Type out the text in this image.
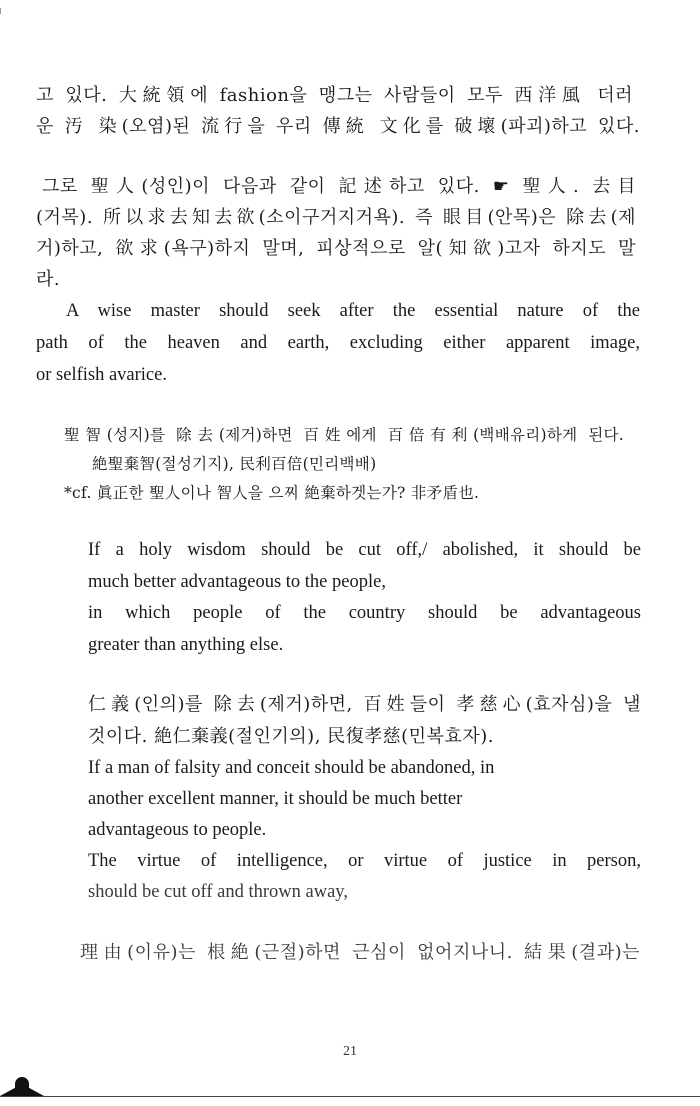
고 있다. 大統領에 fashion을 맹그는 사람들이 모두 西洋風 더러
운 汚 染(오염)된 流行을 우리 傳統 文化를 破壞(파괴)하고 있다.
그로 聖人(성인)이 다음과 같이 記述하고 있다. ☛ 聖人. 去目
(거목). 所以求去知去欲(소이구거지거욕). 즉 眼目(안목)은 除去(제
거)하고, 欲求(욕구)하지 말며, 피상적으로 알(知欲)고자 하지도 말
라.
A wise master should seek after the essential nature of the
path of the heaven and earth, excluding either apparent image,
or selfish avarice.
聖智(성지)를 除去(제거)하면 百姓에게 百倍有利(백배유리)하게 된다.
絶聖棄智(절성기지), 民利百倍(민리백배)
*cf. 眞正한 聖人이나 智人을 으찌 絶棄하겟는가? 非矛盾也.
If a holy wisdom should be cut off,/ abolished, it should be
much better advantageous to the people,
in which people of the country should be advantageous
greater than anything else.
仁義(인의)를 除去(제거)하면, 百姓들이 孝慈心(효자심)을 낼
것이다. 絶仁棄義(절인기의), 民復孝慈(민복효자).
If a man of falsity and conceit should be abandoned, in
another excellent manner, it should be much better
advantageous to people.
The virtue of intelligence, or virtue of justice in person,
should be cut off and thrown away,
理由(이유)는 根絶(근절)하면 근심이 없어지나니. 結果(결과)는
21
